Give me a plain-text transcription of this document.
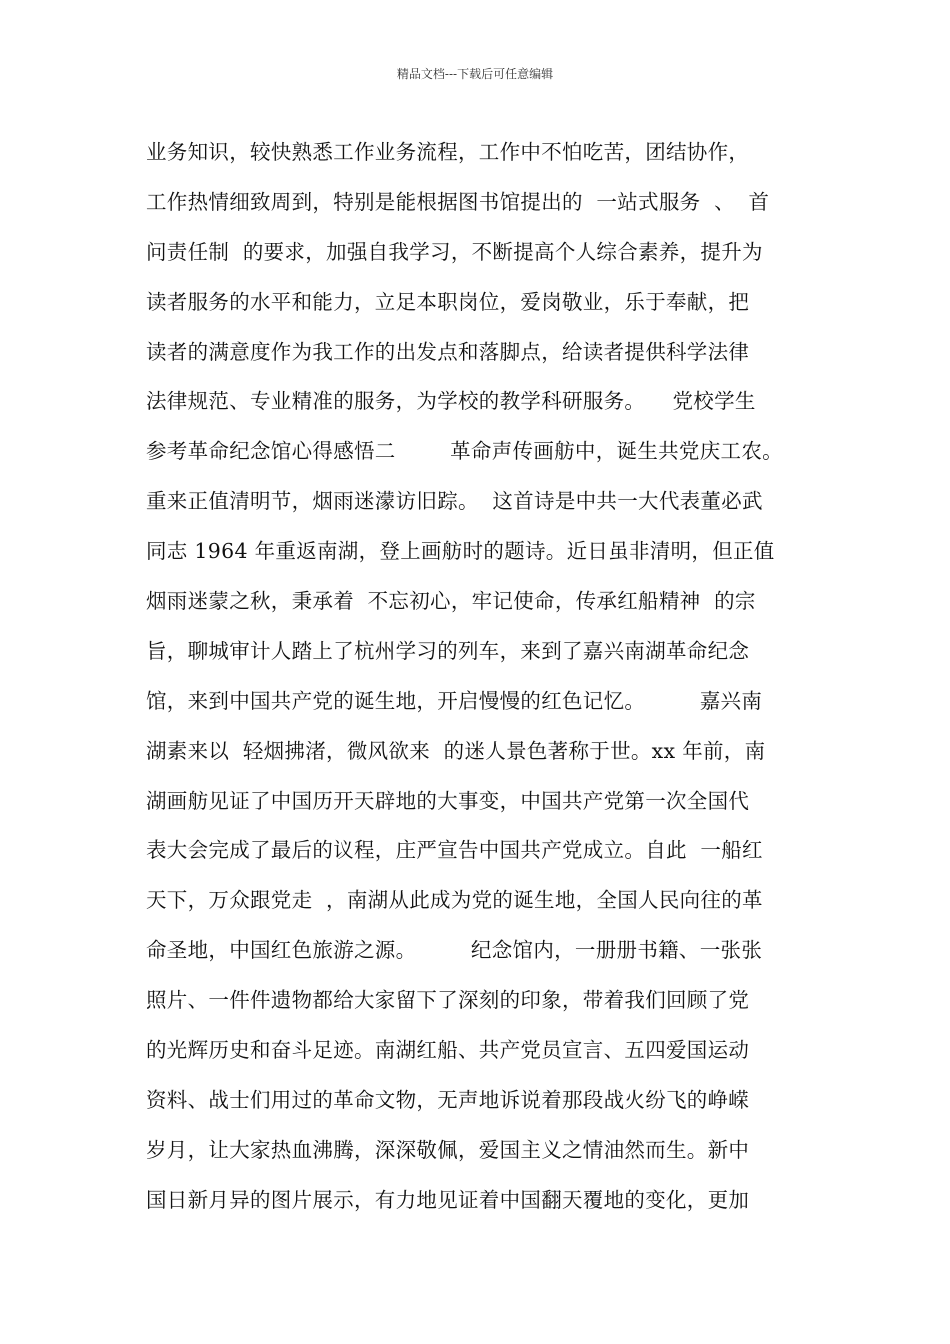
精品文档---下载后可任意编辑
业务知识，较快熟悉工作业务流程，工作中不怕吃苦，团结协作，
工作热情细致周到，特别是能根据图书馆提出的  一站式服务  、  首
问责任制  的要求，加强自我学习，不断提高个人综合素养，提升为
读者服务的水平和能力，立足本职岗位，爱岗敬业，乐于奉献，把
读者的满意度作为我工作的出发点和落脚点，给读者提供科学法律
法律规范、专业精准的服务，为学校的教学科研服务。    党校学生
参考革命纪念馆心得感悟二        革命声传画舫中，诞生共党庆工农。
重来正值清明节，烟雨迷濛访旧踪。  这首诗是中共一大代表董必武
同志 1964 年重返南湖，登上画舫时的题诗。近日虽非清明，但正值
烟雨迷蒙之秋，秉承着  不忘初心，牢记使命，传承红船精神  的宗
旨，聊城审计人踏上了杭州学习的列车，来到了嘉兴南湖革命纪念
馆，来到中国共产党的诞生地，开启慢慢的红色记忆。        嘉兴南
湖素来以  轻烟拂渚，微风欲来  的迷人景色著称于世。xx 年前，南
湖画舫见证了中国历开天辟地的大事变，中国共产党第一次全国代
表大会完成了最后的议程，庄严宣告中国共产党成立。自此  一船红
天下，万众跟党走  ，南湖从此成为党的诞生地，全国人民向往的革
命圣地，中国红色旅游之源。        纪念馆内，一册册书籍、一张张
照片、一件件遗物都给大家留下了深刻的印象，带着我们回顾了党
的光辉历史和奋斗足迹。南湖红船、共产党员宣言、五四爱国运动
资料、战士们用过的革命文物，无声地诉说着那段战火纷飞的峥嵘
岁月，让大家热血沸腾，深深敬佩，爱国主义之情油然而生。新中
国日新月异的图片展示，有力地见证着中国翻天覆地的变化，更加
